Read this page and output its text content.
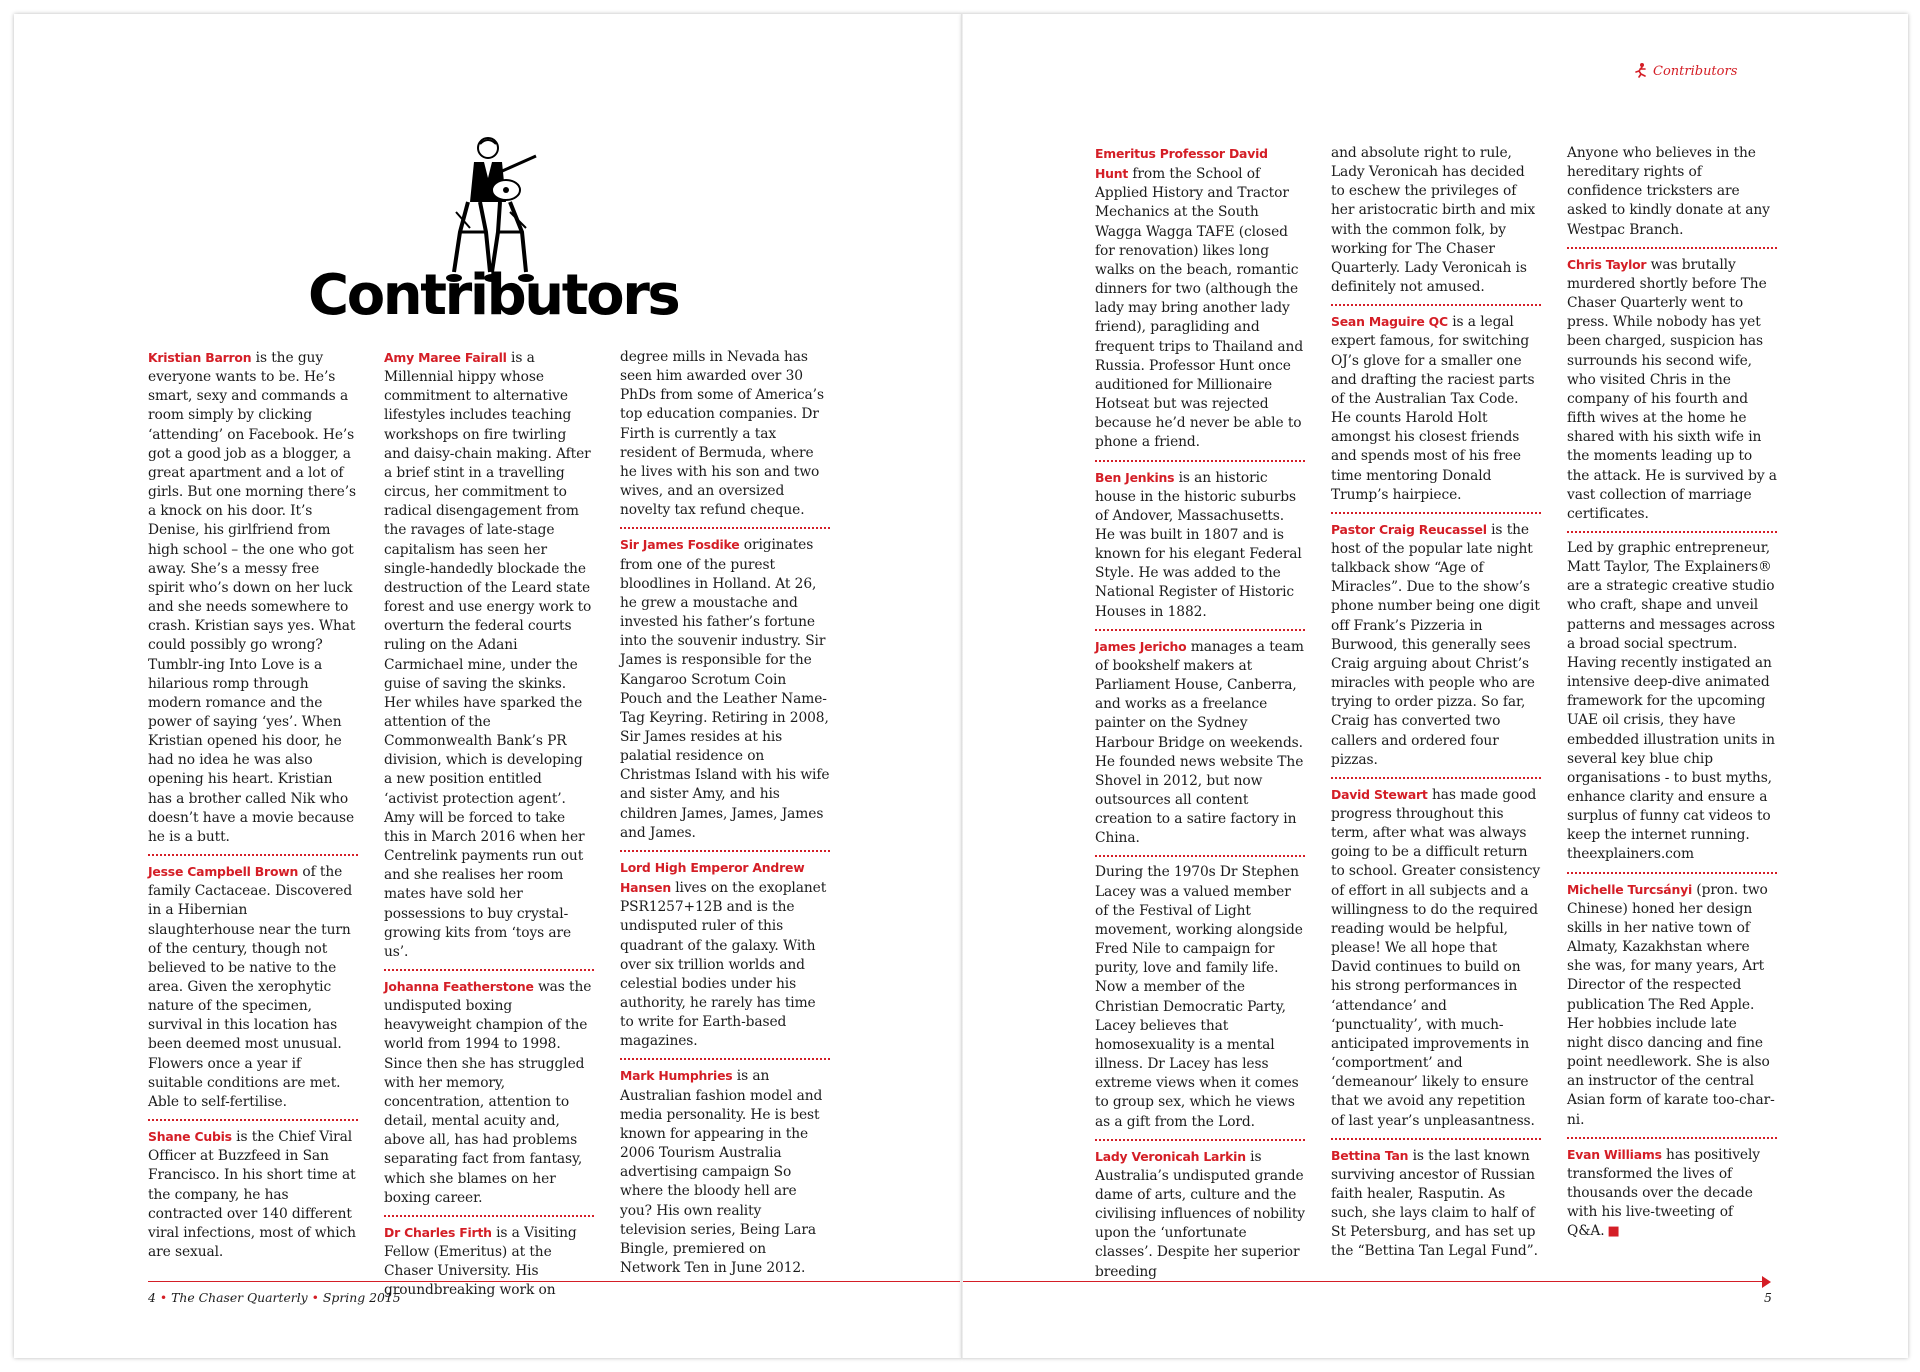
Contributors
Contributors
Kristian Barron is the guy everyone wants to be. He’s smart, sexy and commands a room simply by clicking ‘attending’ on Facebook. He’s got a good job as a blogger, a great apartment and a lot of girls. But one morning there’s a knock on his door. It’s Denise, his girlfriend from high school – the one who got away. She’s a messy free spirit who’s down on her luck and she needs somewhere to crash. Kristian says yes. What could possibly go wrong? Tumblr-ing Into Love is a hilarious romp through modern romance and the power of saying ‘yes’. When Kristian opened his door, he had no idea he was also opening his heart. Kristian has a brother called Nik who doesn’t have a movie because he is a butt.
Jesse Campbell Brown of the family Cactaceae. Discovered in a Hibernian slaughterhouse near the turn of the century, though not believed to be native to the area. Given the xerophytic nature of the specimen, survival in this location has been deemed most unusual. Flowers once a year if suitable conditions are met. Able to self-fertilise.
Shane Cubis is the Chief Viral Officer at Buzzfeed in San Francisco. In his short time at the company, he has contracted over 140 different viral infections, most of which are sexual.
Amy Maree Fairall is a Millennial hippy whose commitment to alternative lifestyles includes teaching workshops on fire twirling and daisy-chain making. After a brief stint in a travelling circus, her commitment to radical disengagement from the ravages of late-stage capitalism has seen her single-handedly blockade the destruction of the Leard state forest and use energy work to overturn the federal courts ruling on the Adani Carmichael mine, under the guise of saving the skinks. Her whiles have sparked the attention of the Commonwealth Bank’s PR division, which is developing a new position entitled ‘activist protection agent’. Amy will be forced to take this in March 2016 when her Centrelink payments run out and she realises her room mates have sold her possessions to buy crystal-growing kits from ‘toys are us’.
Johanna Featherstone was the undisputed boxing heavyweight champion of the world from 1994 to 1998. Since then she has struggled with her memory, concentration, attention to detail, mental acuity and, above all, has had problems separating fact from fantasy, which she blames on her boxing career.
Dr Charles Firth is a Visiting Fellow (Emeritus) at the Chaser University. His groundbreaking work on
degree mills in Nevada has seen him awarded over 30 PhDs from some of America’s top education companies. Dr Firth is currently a tax resident of Bermuda, where he lives with his son and two wives, and an oversized novelty tax refund cheque.
Sir James Fosdike originates from one of the purest bloodlines in Holland. At 26, he grew a moustache and invested his father’s fortune into the souvenir industry. Sir James is responsible for the Kangaroo Scrotum Coin Pouch and the Leather Name-Tag Keyring. Retiring in 2008, Sir James resides at his palatial residence on Christmas Island with his wife and sister Amy, and his children James, James, James and James.
Lord High Emperor Andrew Hansen lives on the exoplanet PSR1257+12B and is the undisputed ruler of this quadrant of the galaxy. With over six trillion worlds and celestial bodies under his authority, he rarely has time to write for Earth-based magazines.
Mark Humphries is an Australian fashion model and media personality. He is best known for appearing in the 2006 Tourism Australia advertising campaign So where the bloody hell are you? His own reality television series, Being Lara Bingle, premiered on Network Ten in June 2012.
Emeritus Professor David Hunt from the School of Applied History and Tractor Mechanics at the South Wagga Wagga TAFE (closed for renovation) likes long walks on the beach, romantic dinners for two (although the lady may bring another lady friend), paragliding and frequent trips to Thailand and Russia. Professor Hunt once auditioned for Millionaire Hotseat but was rejected because he’d never be able to phone a friend.
Ben Jenkins is an historic house in the historic suburbs of Andover, Massachusetts. He was built in 1807 and is known for his elegant Federal Style. He was added to the National Register of Historic Houses in 1882.
James Jericho manages a team of bookshelf makers at Parliament House, Canberra, and works as a freelance painter on the Sydney Harbour Bridge on weekends. He founded news website The Shovel in 2012, but now outsources all content creation to a satire factory in China.
During the 1970s Dr Stephen Lacey was a valued member of the Festival of Light movement, working alongside Fred Nile to campaign for purity, love and family life. Now a member of the Christian Democratic Party, Lacey believes that homosexuality is a mental illness. Dr Lacey has less extreme views when it comes to group sex, which he views as a gift from the Lord.
Lady Veronicah Larkin is Australia’s undisputed grande dame of arts, culture and the civilising influences of nobility upon the ‘unfortunate classes’. Despite her superior breeding
and absolute right to rule, Lady Veronicah has decided to eschew the privileges of her aristocratic birth and mix with the common folk, by working for The Chaser Quarterly. Lady Veronicah is definitely not amused.
Sean Maguire QC is a legal expert famous, for switching OJ’s glove for a smaller one and drafting the raciest parts of the Australian Tax Code. He counts Harold Holt amongst his closest friends and spends most of his free time mentoring Donald Trump’s hairpiece.
Pastor Craig Reucassel is the host of the popular late night talkback show “Age of Miracles”. Due to the show’s phone number being one digit off Frank’s Pizzeria in Burwood, this generally sees Craig arguing about Christ’s miracles with people who are trying to order pizza. So far, Craig has converted two callers and ordered four pizzas.
David Stewart has made good progress throughout this term, after what was always going to be a difficult return to school. Greater consistency of effort in all subjects and a willingness to do the required reading would be helpful, please! We all hope that David continues to build on his strong performances in ‘attendance’ and ‘punctuality’, with much-anticipated improvements in ‘comportment’ and ‘demeanour’ likely to ensure that we avoid any repetition of last year’s unpleasantness.
Bettina Tan is the last known surviving ancestor of Russian faith healer, Rasputin. As such, she lays claim to half of St Petersburg, and has set up the “Bettina Tan Legal Fund”.
Anyone who believes in the hereditary rights of confidence tricksters are asked to kindly donate at any Westpac Branch.
Chris Taylor was brutally murdered shortly before The Chaser Quarterly went to press. While nobody has yet been charged, suspicion has surrounds his second wife, who visited Chris in the company of his fourth and fifth wives at the home he shared with his sixth wife in the moments leading up to the attack. He is survived by a vast collection of marriage certificates.
Led by graphic entrepreneur, Matt Taylor, The Explainers® are a strategic creative studio who craft, shape and unveil patterns and messages across a broad social spectrum. Having recently instigated an intensive deep-dive animated framework for the upcoming UAE oil crisis, they have embedded illustration units in several key blue chip organisations - to bust myths, enhance clarity and ensure a surplus of funny cat videos to keep the internet running. theexplainers.com
Michelle Turcsányi (pron. two Chinese) honed her design skills in her native town of Almaty, Kazakhstan where she was, for many years, Art Director of the respected publication The Red Apple. Her hobbies include late night disco dancing and fine point needlework. She is also an instructor of the central Asian form of karate too-char-ni.
Evan Williams has positively transformed the lives of thousands over the decade with his live-tweeting of Q&A. ■
4 • The Chaser Quarterly • Spring 2015	5
